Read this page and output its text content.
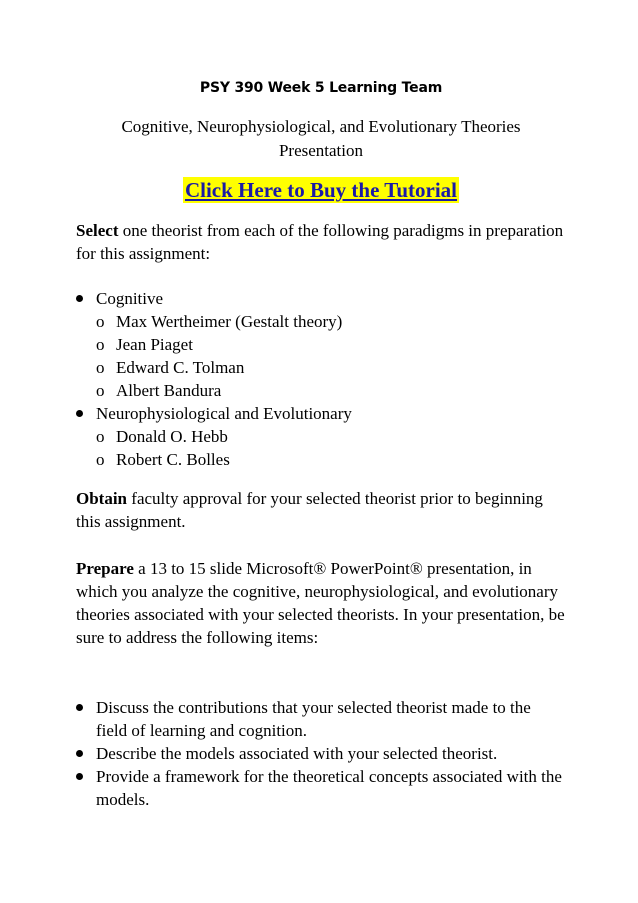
PSY 390 Week 5 Learning Team
Cognitive, Neurophysiological, and Evolutionary Theories
Presentation
Click Here to Buy the Tutorial

Select one theorist from each of the following paradigms in preparation for this assignment:

Cognitive
o Max Wertheimer (Gestalt theory)
o Jean Piaget
o Edward C. Tolman
o Albert Bandura
Neurophysiological and Evolutionary
o Donald O. Hebb
o Robert C. Bolles

Obtain faculty approval for your selected theorist prior to beginning this assignment.

Prepare a 13 to 15 slide Microsoft® PowerPoint® presentation, in which you analyze the cognitive, neurophysiological, and evolutionary theories associated with your selected theorists. In your presentation, be sure to address the following items:

Discuss the contributions that your selected theorist made to the field of learning and cognition.
Describe the models associated with your selected theorist.
Provide a framework for the theoretical concepts associated with the models.
